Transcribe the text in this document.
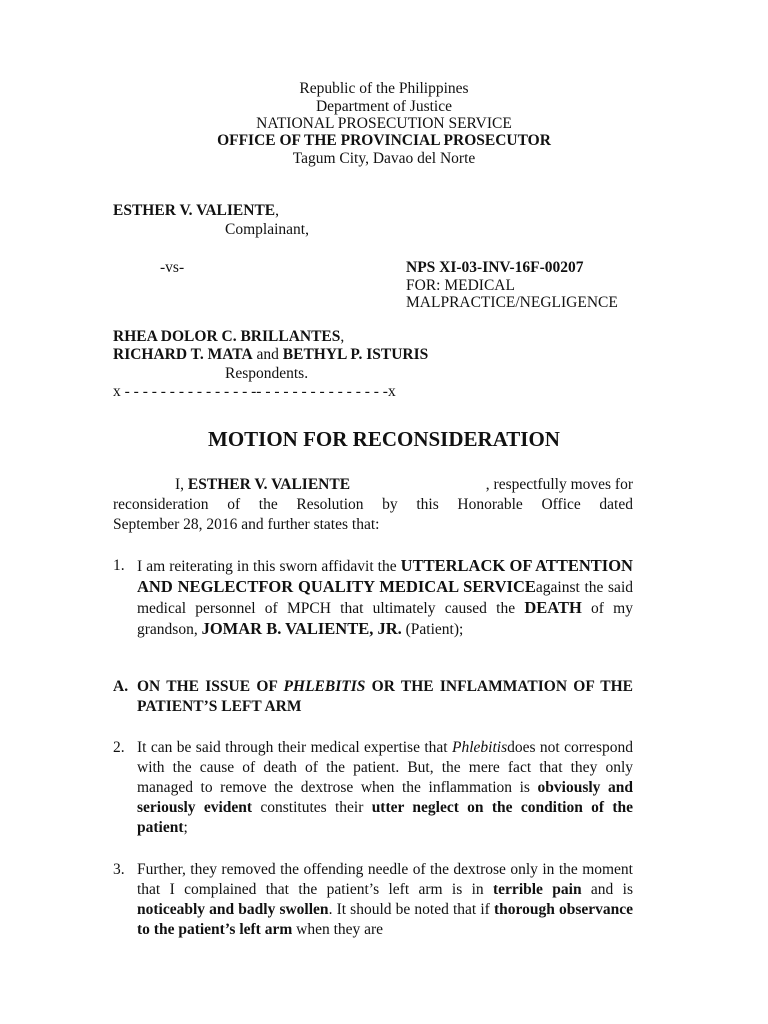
Republic of the Philippines
Department of Justice
NATIONAL PROSECUTION SERVICE
OFFICE OF THE PROVINCIAL PROSECUTOR
Tagum City, Davao del Norte
ESTHER V. VALIENTE,
Complainant,
-vs-	NPS XI-03-INV-16F-00207
FOR: MEDICAL
MALPRACTICE/NEGLIGENCE
RHEA DOLOR C. BRILLANTES,
RICHARD T. MATA and BETHYL P. ISTURIS
Respondents.
x - - - - - - - - - - - - - - -- - - - - - - - - - - - - - -x
MOTION FOR RECONSIDERATION
I, ESTHER V. VALIENTE	, respectfully moves for
reconsideration of the Resolution by this Honorable Office dated
September 28, 2016 and further states that:
1. I am reiterating in this sworn affidavit the UTTERLACK OF ATTENTION AND NEGLECTFOR QUALITY MEDICAL SERVICEagainst the said medical personnel of MPCH that ultimately caused the DEATH of my grandson, JOMAR B. VALIENTE, JR. (Patient);
A. ON THE ISSUE OF PHLEBITIS OR THE INFLAMMATION OF THE PATIENT’S LEFT ARM
2. It can be said through their medical expertise that Phlebitisdoes not correspond with the cause of death of the patient. But, the mere fact that they only managed to remove the dextrose when the inflammation is obviously and seriously evident constitutes their utter neglect on the condition of the patient;
3. Further, they removed the offending needle of the dextrose only in the moment that I complained that the patient’s left arm is in terrible pain and is noticeably and badly swollen. It should be noted that if thorough observance to the patient’s left arm when they are
